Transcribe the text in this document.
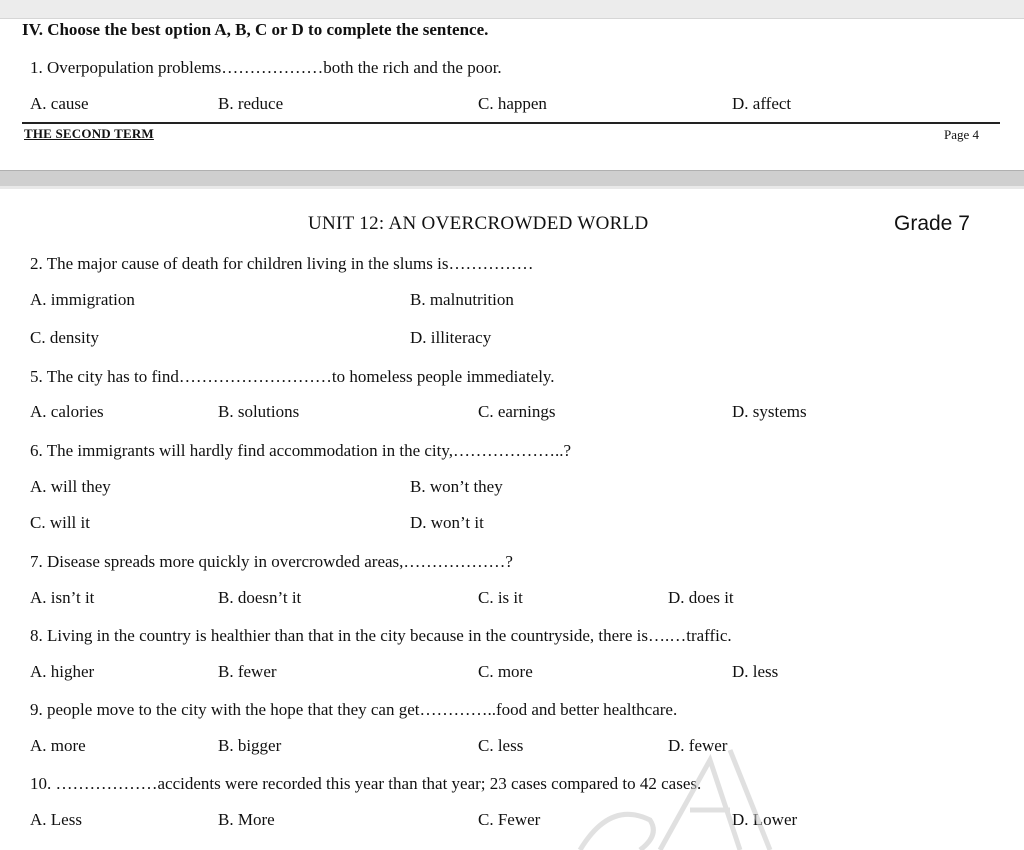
IV. Choose the best option A, B, C or D to complete the sentence.
1. Overpopulation problems………………both the rich and the poor.
A. cause	B. reduce	C. happen	D. affect
THE SECOND TERM	Page 4
UNIT 12: AN OVERCROWDED WORLD	Grade 7
2. The major cause of death for children living in the slums is……………
A. immigration	B. malnutrition
C. density	D. illiteracy
5. The city has to find………………………to homeless people immediately.
A. calories	B. solutions	C. earnings	D. systems
6. The immigrants will hardly find accommodation in the city,………………..?
A. will they	B. won’t they
C. will it	D. won’t it
7. Disease spreads more quickly in overcrowded areas,………………?
A. isn’t it	B. doesn’t it	C. is it	D. does it
8. Living in the country is healthier than that in the city because in the countryside, there is….…traffic.
A. higher	B. fewer	C. more	D. less
9. people move to the city with the hope that they can get…………..food and better healthcare.
A. more	B. bigger	C. less	D. fewer
10. ………………accidents were recorded this year than that year; 23 cases compared to 42 cases.
A. Less	B. More	C. Fewer	D. Lower
